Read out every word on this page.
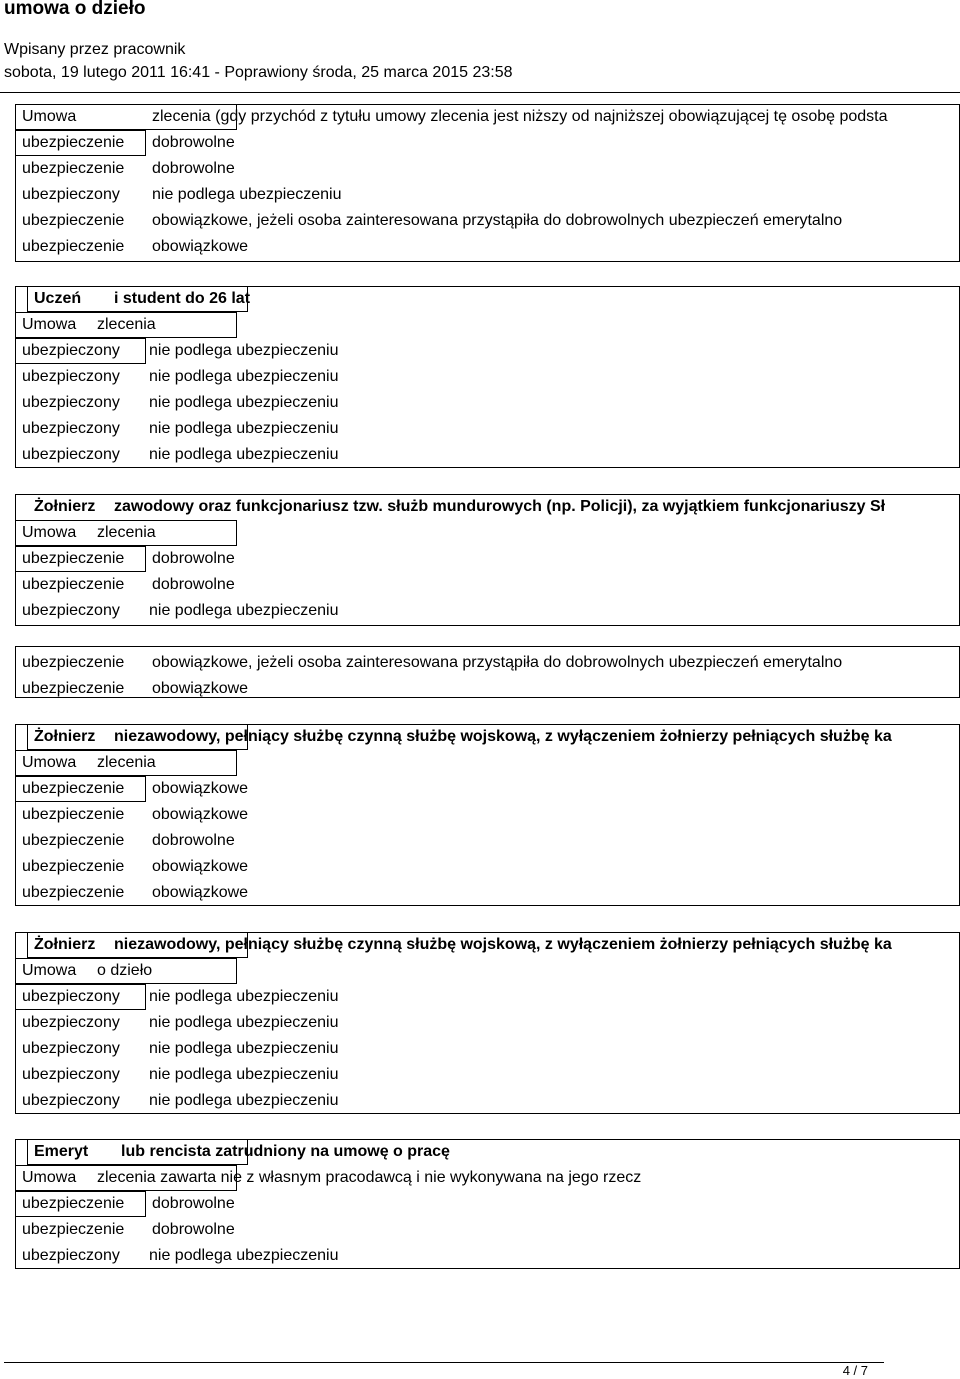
umowa o dzieło
Wpisany przez pracownik
sobota, 19 lutego 2011 16:41 - Poprawiony środa, 25 marca 2015 23:58
Umowa	zlecenia (gdy przychód z tytułu umowy zlecenia jest niższy od najniższej obowiązującej tę osobę podsta
ubezpieczenie dobrowolne
ubezpieczenie dobrowolne
ubezpieczony nie podlega ubezpieczeniu
ubezpieczenie obowiązkowe, jeżeli osoba zainteresowana przystąpiła do dobrowolnych ubezpieczeń emerytalno
ubezpieczenie obowiązkowe
Uczeń i student do 26 lat
Umowa zlecenia
ubezpieczony nie podlega ubezpieczeniu
ubezpieczony nie podlega ubezpieczeniu
ubezpieczony nie podlega ubezpieczeniu
ubezpieczony nie podlega ubezpieczeniu
ubezpieczony nie podlega ubezpieczeniu
Żołnierz zawodowy oraz funkcjonariusz tzw. służb mundurowych (np. Policji), za wyjątkiem funkcjonariuszy Sł
Umowa zlecenia
ubezpieczenie dobrowolne
ubezpieczenie dobrowolne
ubezpieczony nie podlega ubezpieczeniu
ubezpieczenie obowiązkowe, jeżeli osoba zainteresowana przystąpiła do dobrowolnych ubezpieczeń emerytalno
ubezpieczenie obowiązkowe
Żołnierz niezawodowy, pełniący służbę czynną służbę wojskową, z wyłączeniem żołnierzy pełniących służbę ka
Umowa zlecenia
ubezpieczenie obowiązkowe
ubezpieczenie obowiązkowe
ubezpieczenie dobrowolne
ubezpieczenie obowiązkowe
ubezpieczenie obowiązkowe
Żołnierz niezawodowy, pełniący służbę czynną służbę wojskową, z wyłączeniem żołnierzy pełniących służbę ka
Umowa o dzieło
ubezpieczony nie podlega ubezpieczeniu
ubezpieczony nie podlega ubezpieczeniu
ubezpieczony nie podlega ubezpieczeniu
ubezpieczony nie podlega ubezpieczeniu
ubezpieczony nie podlega ubezpieczeniu
Emeryt lub rencista zatrudniony na umowę o pracę
Umowa zlecenia zawarta nie z własnym pracodawcą i nie wykonywana na jego rzecz
ubezpieczenie dobrowolne
ubezpieczenie dobrowolne
ubezpieczony nie podlega ubezpieczeniu
4 / 7
